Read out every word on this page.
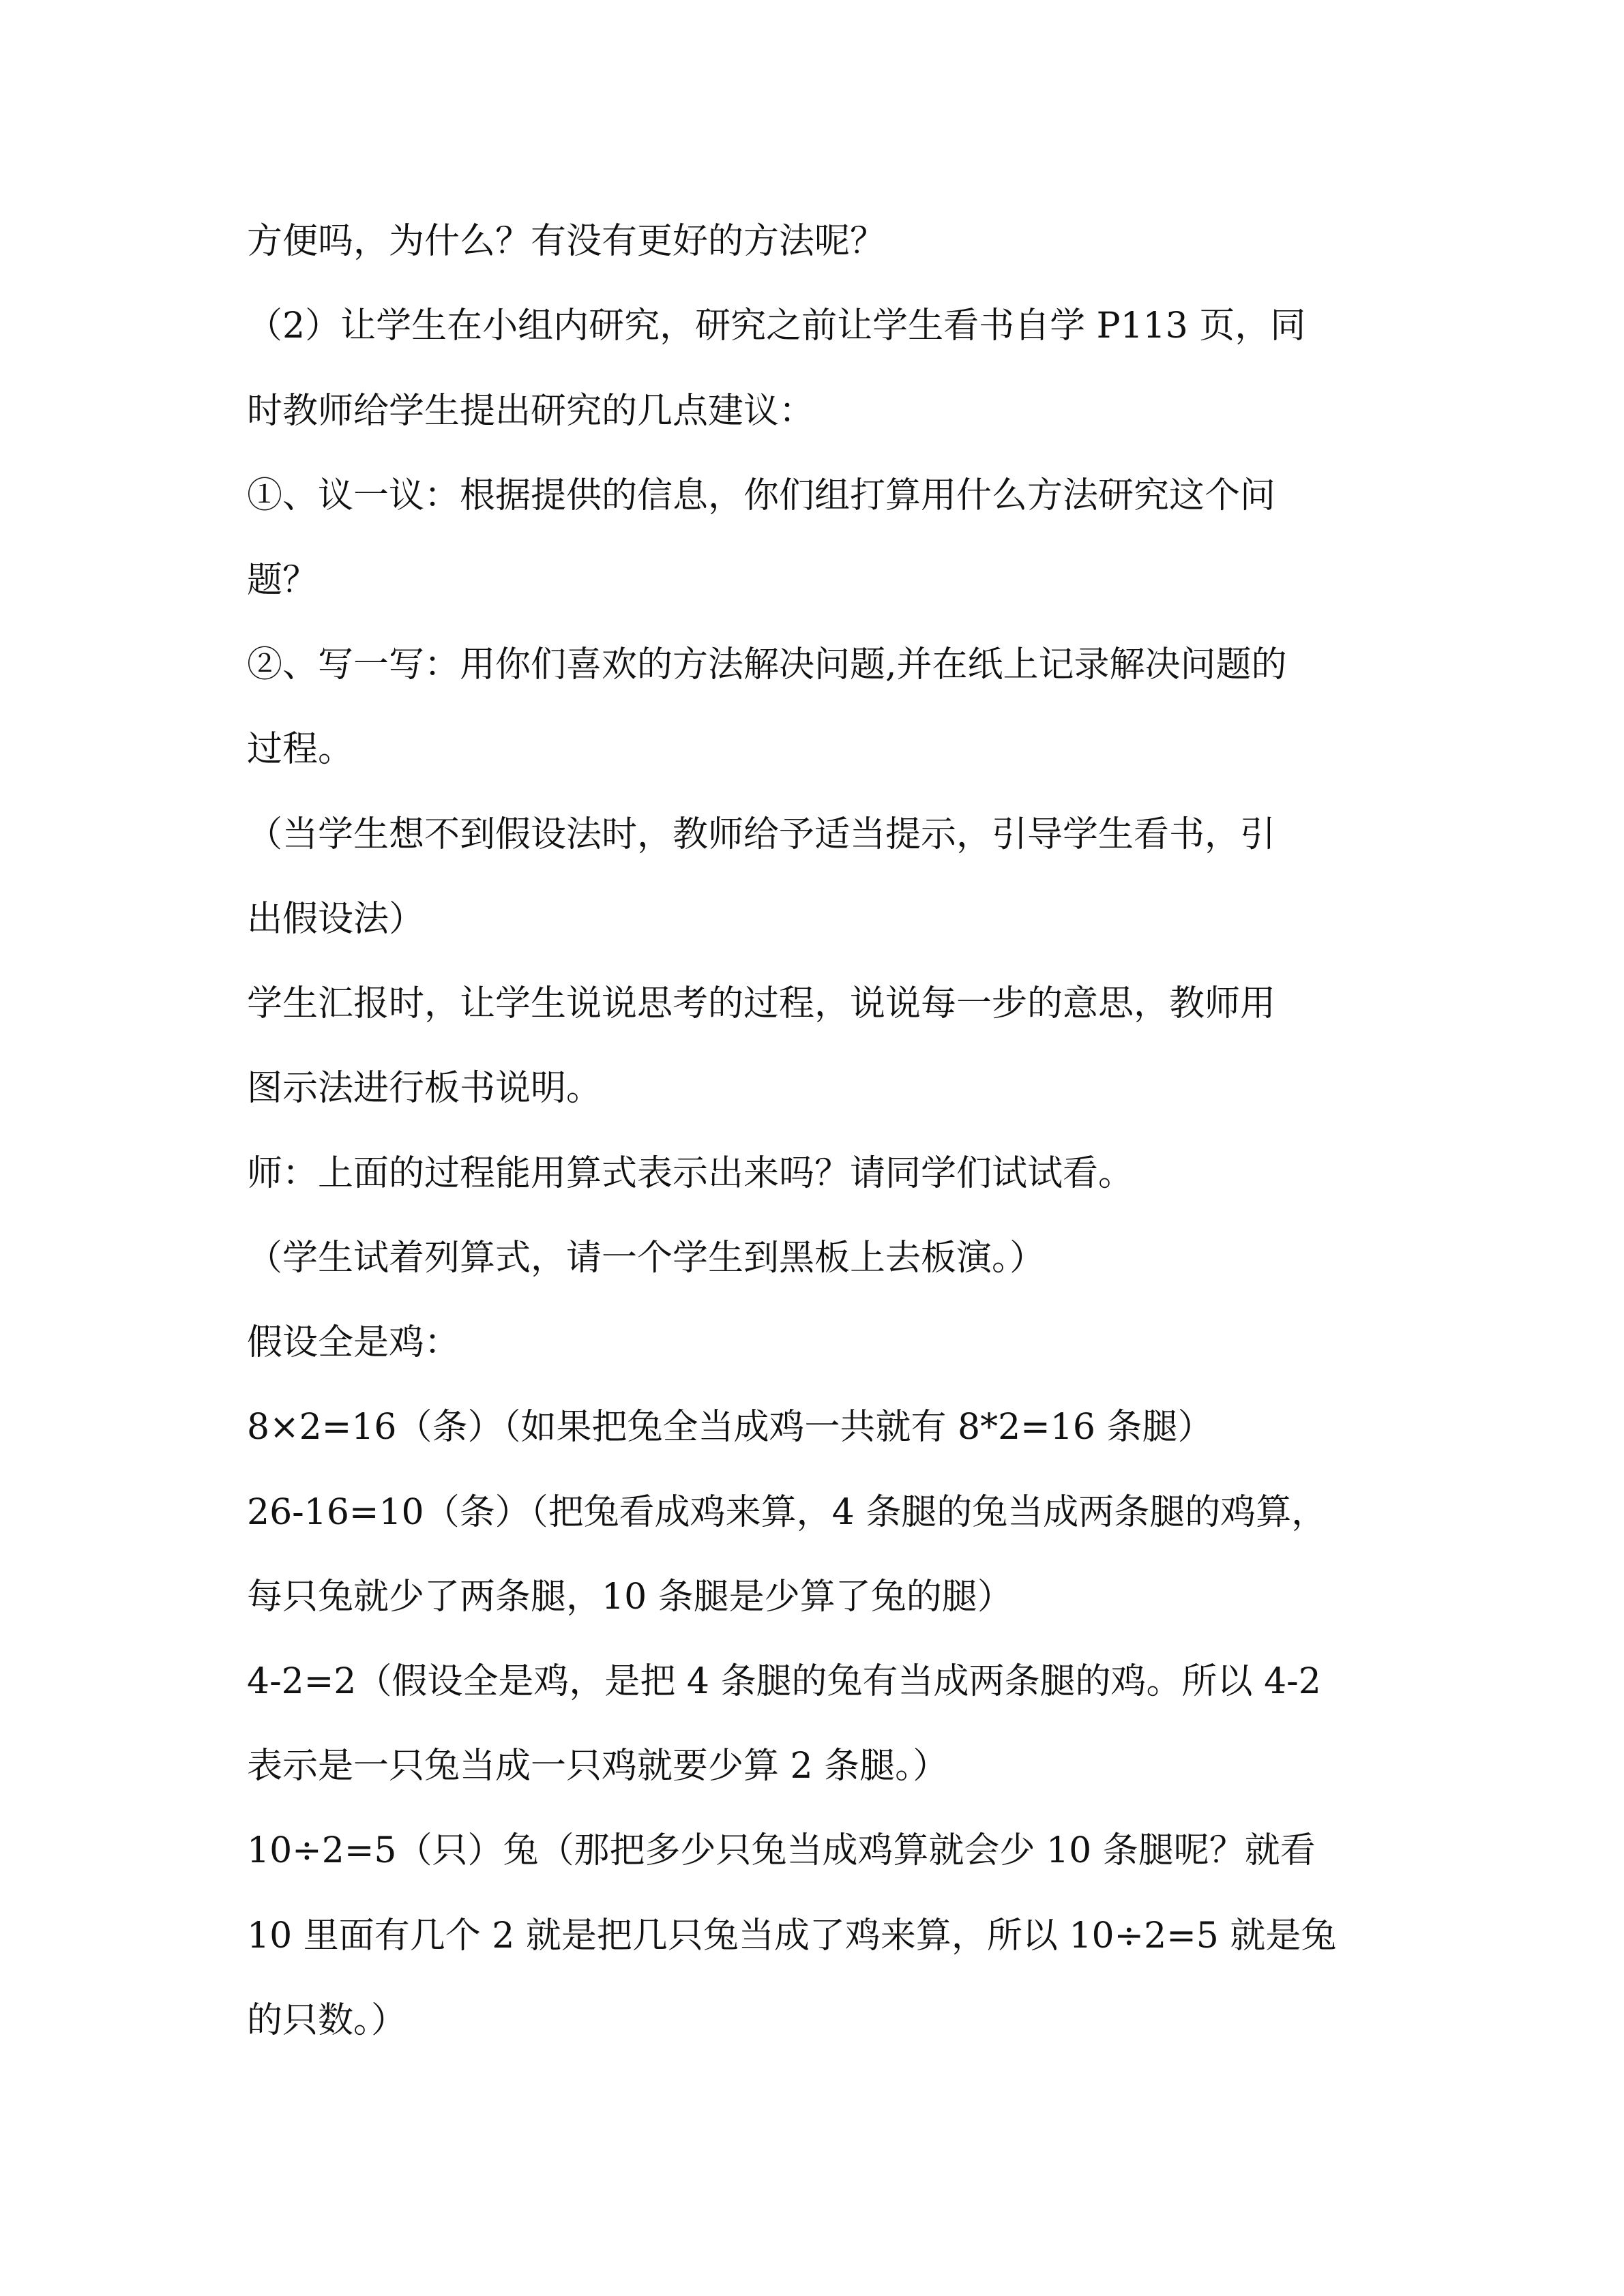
方便吗，为什么？有没有更好的方法呢？
（2）让学生在小组内研究，研究之前让学生看书自学 P113 页，同
时教师给学生提出研究的几点建议：
①、议一议：根据提供的信息，你们组打算用什么方法研究这个问
题？
②、写一写：用你们喜欢的方法解决问题,并在纸上记录解决问题的
过程。
（当学生想不到假设法时，教师给予适当提示，引导学生看书，引
出假设法）
学生汇报时，让学生说说思考的过程，说说每一步的意思，教师用
图示法进行板书说明。
师：上面的过程能用算式表示出来吗？请同学们试试看。
（学生试着列算式，请一个学生到黑板上去板演。）
假设全是鸡：
8×2=16（条）（如果把兔全当成鸡一共就有 8*2=16 条腿）
26-16=10（条）（把兔看成鸡来算，4 条腿的兔当成两条腿的鸡算，
每只兔就少了两条腿，10 条腿是少算了兔的腿）
4-2=2（假设全是鸡，是把 4 条腿的兔有当成两条腿的鸡。所以 4-2
表示是一只兔当成一只鸡就要少算 2 条腿。）
10÷2=5（只）兔（那把多少只兔当成鸡算就会少 10 条腿呢？就看
10 里面有几个 2 就是把几只兔当成了鸡来算，所以 10÷2=5 就是兔
的只数。）
